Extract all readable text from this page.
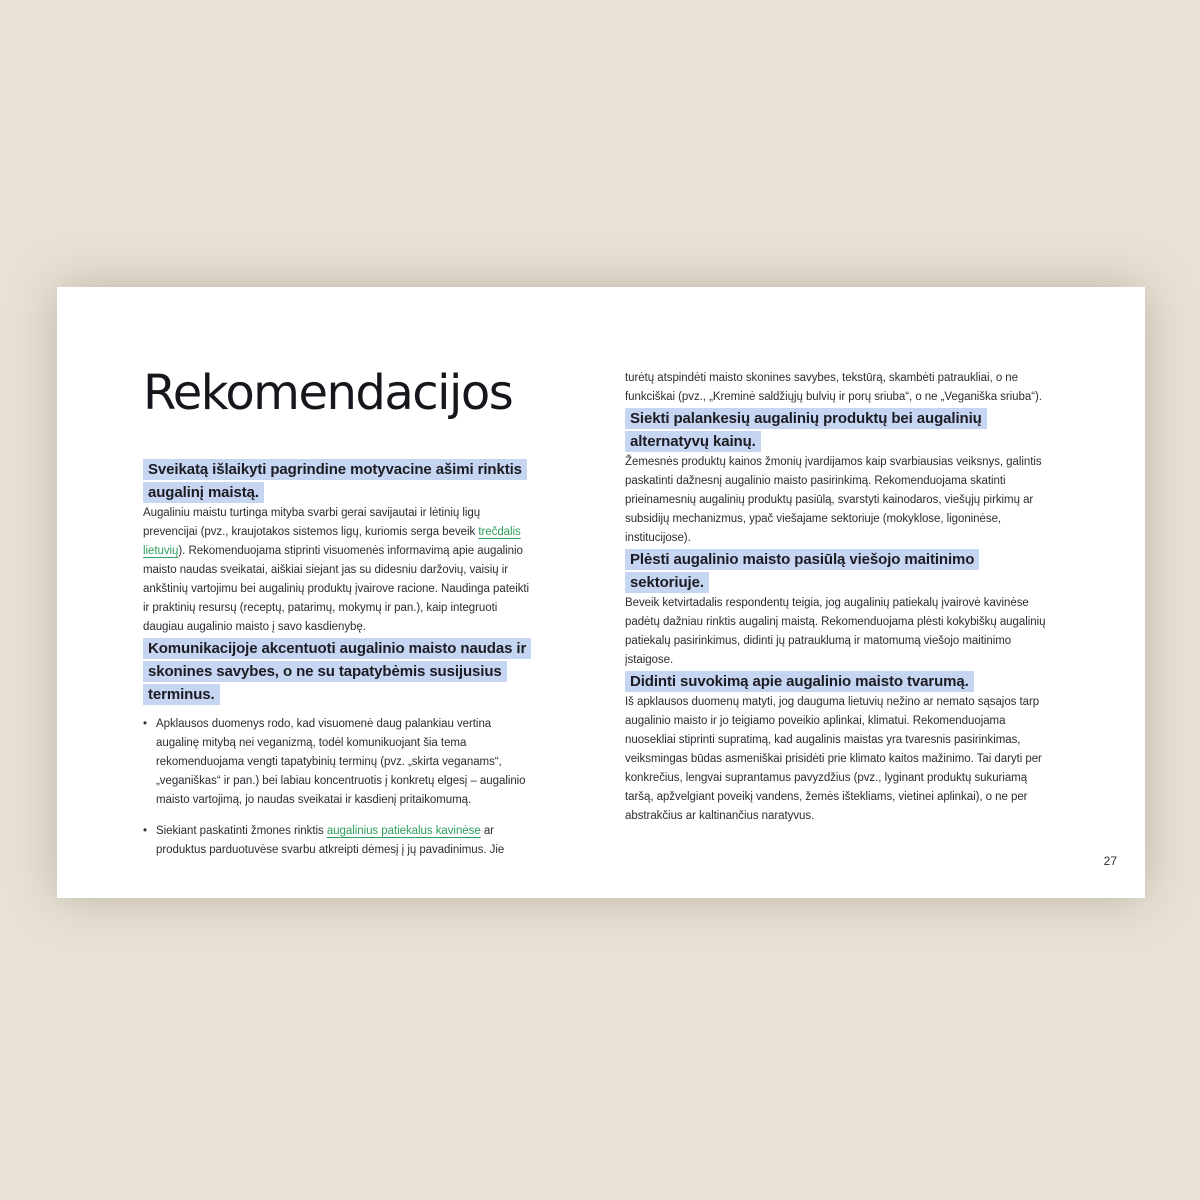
Rekomendacijos
Sveikatą išlaikyti pagrindine motyvacine ašimi rinktis augalinį maistą.

Augaliniu maistu turtinga mityba svarbi gerai savijautai ir lėtinių ligų prevencijai (pvz., kraujotakos sistemos ligų, kuriomis serga beveik trečdalis lietuvių). Rekomenduojama stiprinti visuomenės informavimą apie augalinio maisto naudas sveikatai, aiškiai siejant jas su didesniu daržovių, vaisių ir ankštinių vartojimu bei augalinių produktų įvairove racione. Naudinga pateikti ir praktinių resursų (receptų, patarimų, mokymų ir pan.), kaip integruoti daugiau augalinio maisto į savo kasdienybę.

Komunikacijoje akcentuoti augalinio maisto naudas ir skonines savybes, o ne su tapatybėmis susijusius terminus.
• Apklausos duomenys rodo, kad visuomenė daug palankiau vertina augalinę mitybą nei veganizmą, todėl komunikuojant šia tema rekomenduojama vengti tapatybinių terminų (pvz. „skirta veganams“, „veganiškas“ ir pan.) bei labiau koncentruotis į konkretų elgesį – augalinio maisto vartojimą, jo naudas sveikatai ir kasdienį pritaikomumą.
• Siekiant paskatinti žmones rinktis augalinius patiekalus kavinėse ar produktus parduotuvėse svarbu atkreipti dėmesį į jų pavadinimus. Jie

turėtų atspindėti maisto skonines savybes, tekstūrą, skambėti patraukliai, o ne funkciškai (pvz., „Kreminė saldžiųjų bulvių ir porų sriuba“, o ne „Veganiška sriuba“).

Siekti palankesių augalinių produktų bei augalinių alternatyvų kainų.

Žemesnės produktų kainos žmonių įvardijamos kaip svarbiausias veiksnys, galintis paskatinti dažnesnį augalinio maisto pasirinkimą. Rekomenduojama skatinti prieinamesnių augalinių produktų pasiūlą, svarstyti kainodaros, viešųjų pirkimų ar subsidijų mechanizmus, ypač viešajame sektoriuje (mokyklose, ligoninėse, institucijose).

Plėsti augalinio maisto pasiūlą viešojo maitinimo sektoriuje.

Beveik ketvirtadalis respondentų teigia, jog augalinių patiekalų įvairovė kavinėse padėtų dažniau rinktis augalinį maistą. Rekomenduojama plėsti kokybiškų augalinių patiekalų pasirinkimus, didinti jų patrauklumą ir matomumą viešojo maitinimo įstaigose.

Didinti suvokimą apie augalinio maisto tvarumą.

Iš apklausos duomenų matyti, jog dauguma lietuvių nežino ar nemato sąsajos tarp augalinio maisto ir jo teigiamo poveikio aplinkai, klimatui. Rekomenduojama nuosekliai stiprinti supratimą, kad augalinis maistas yra tvaresnis pasirinkimas, veiksmingas būdas asmeniškai prisidėti prie klimato kaitos mažinimo. Tai daryti per konkrečius, lengvai suprantamus pavyzdžius (pvz., lyginant produktų sukuriamą taršą, apžvelgiant poveikį vandens, žemės ištekliams, vietinei aplinkai), o ne per abstrakčius ar kaltinančius naratyvus.

27
